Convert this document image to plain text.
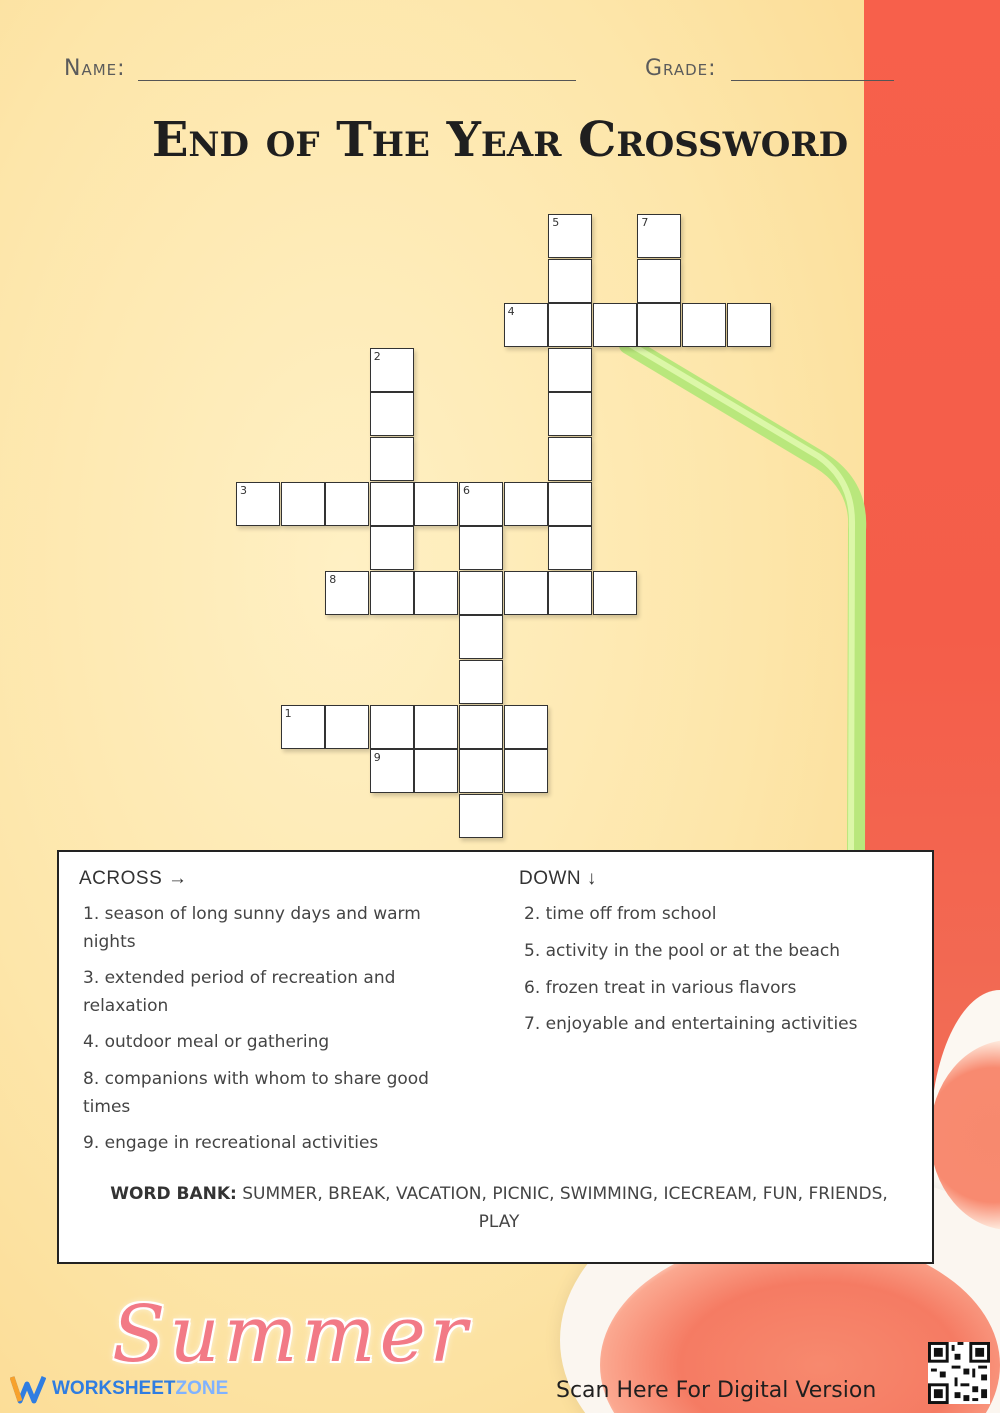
Name:	Grade:
End of The Year Crossword
5	7
4
2
3	6
8
1
9
ACROSS →	DOWN ↓
1. season of long sunny days and warm nights
3. extended period of recreation and relaxation
4. outdoor meal or gathering
8. companions with whom to share good times
9. engage in recreational activities
2. time off from school
5. activity in the pool or at the beach
6. frozen treat in various flavors
7. enjoyable and entertaining activities
WORD BANK: SUMMER, BREAK, VACATION, PICNIC, SWIMMING, ICECREAM, FUN, FRIENDS, PLAY
Summer
WORKSHEETZONE	Scan Here For Digital Version
